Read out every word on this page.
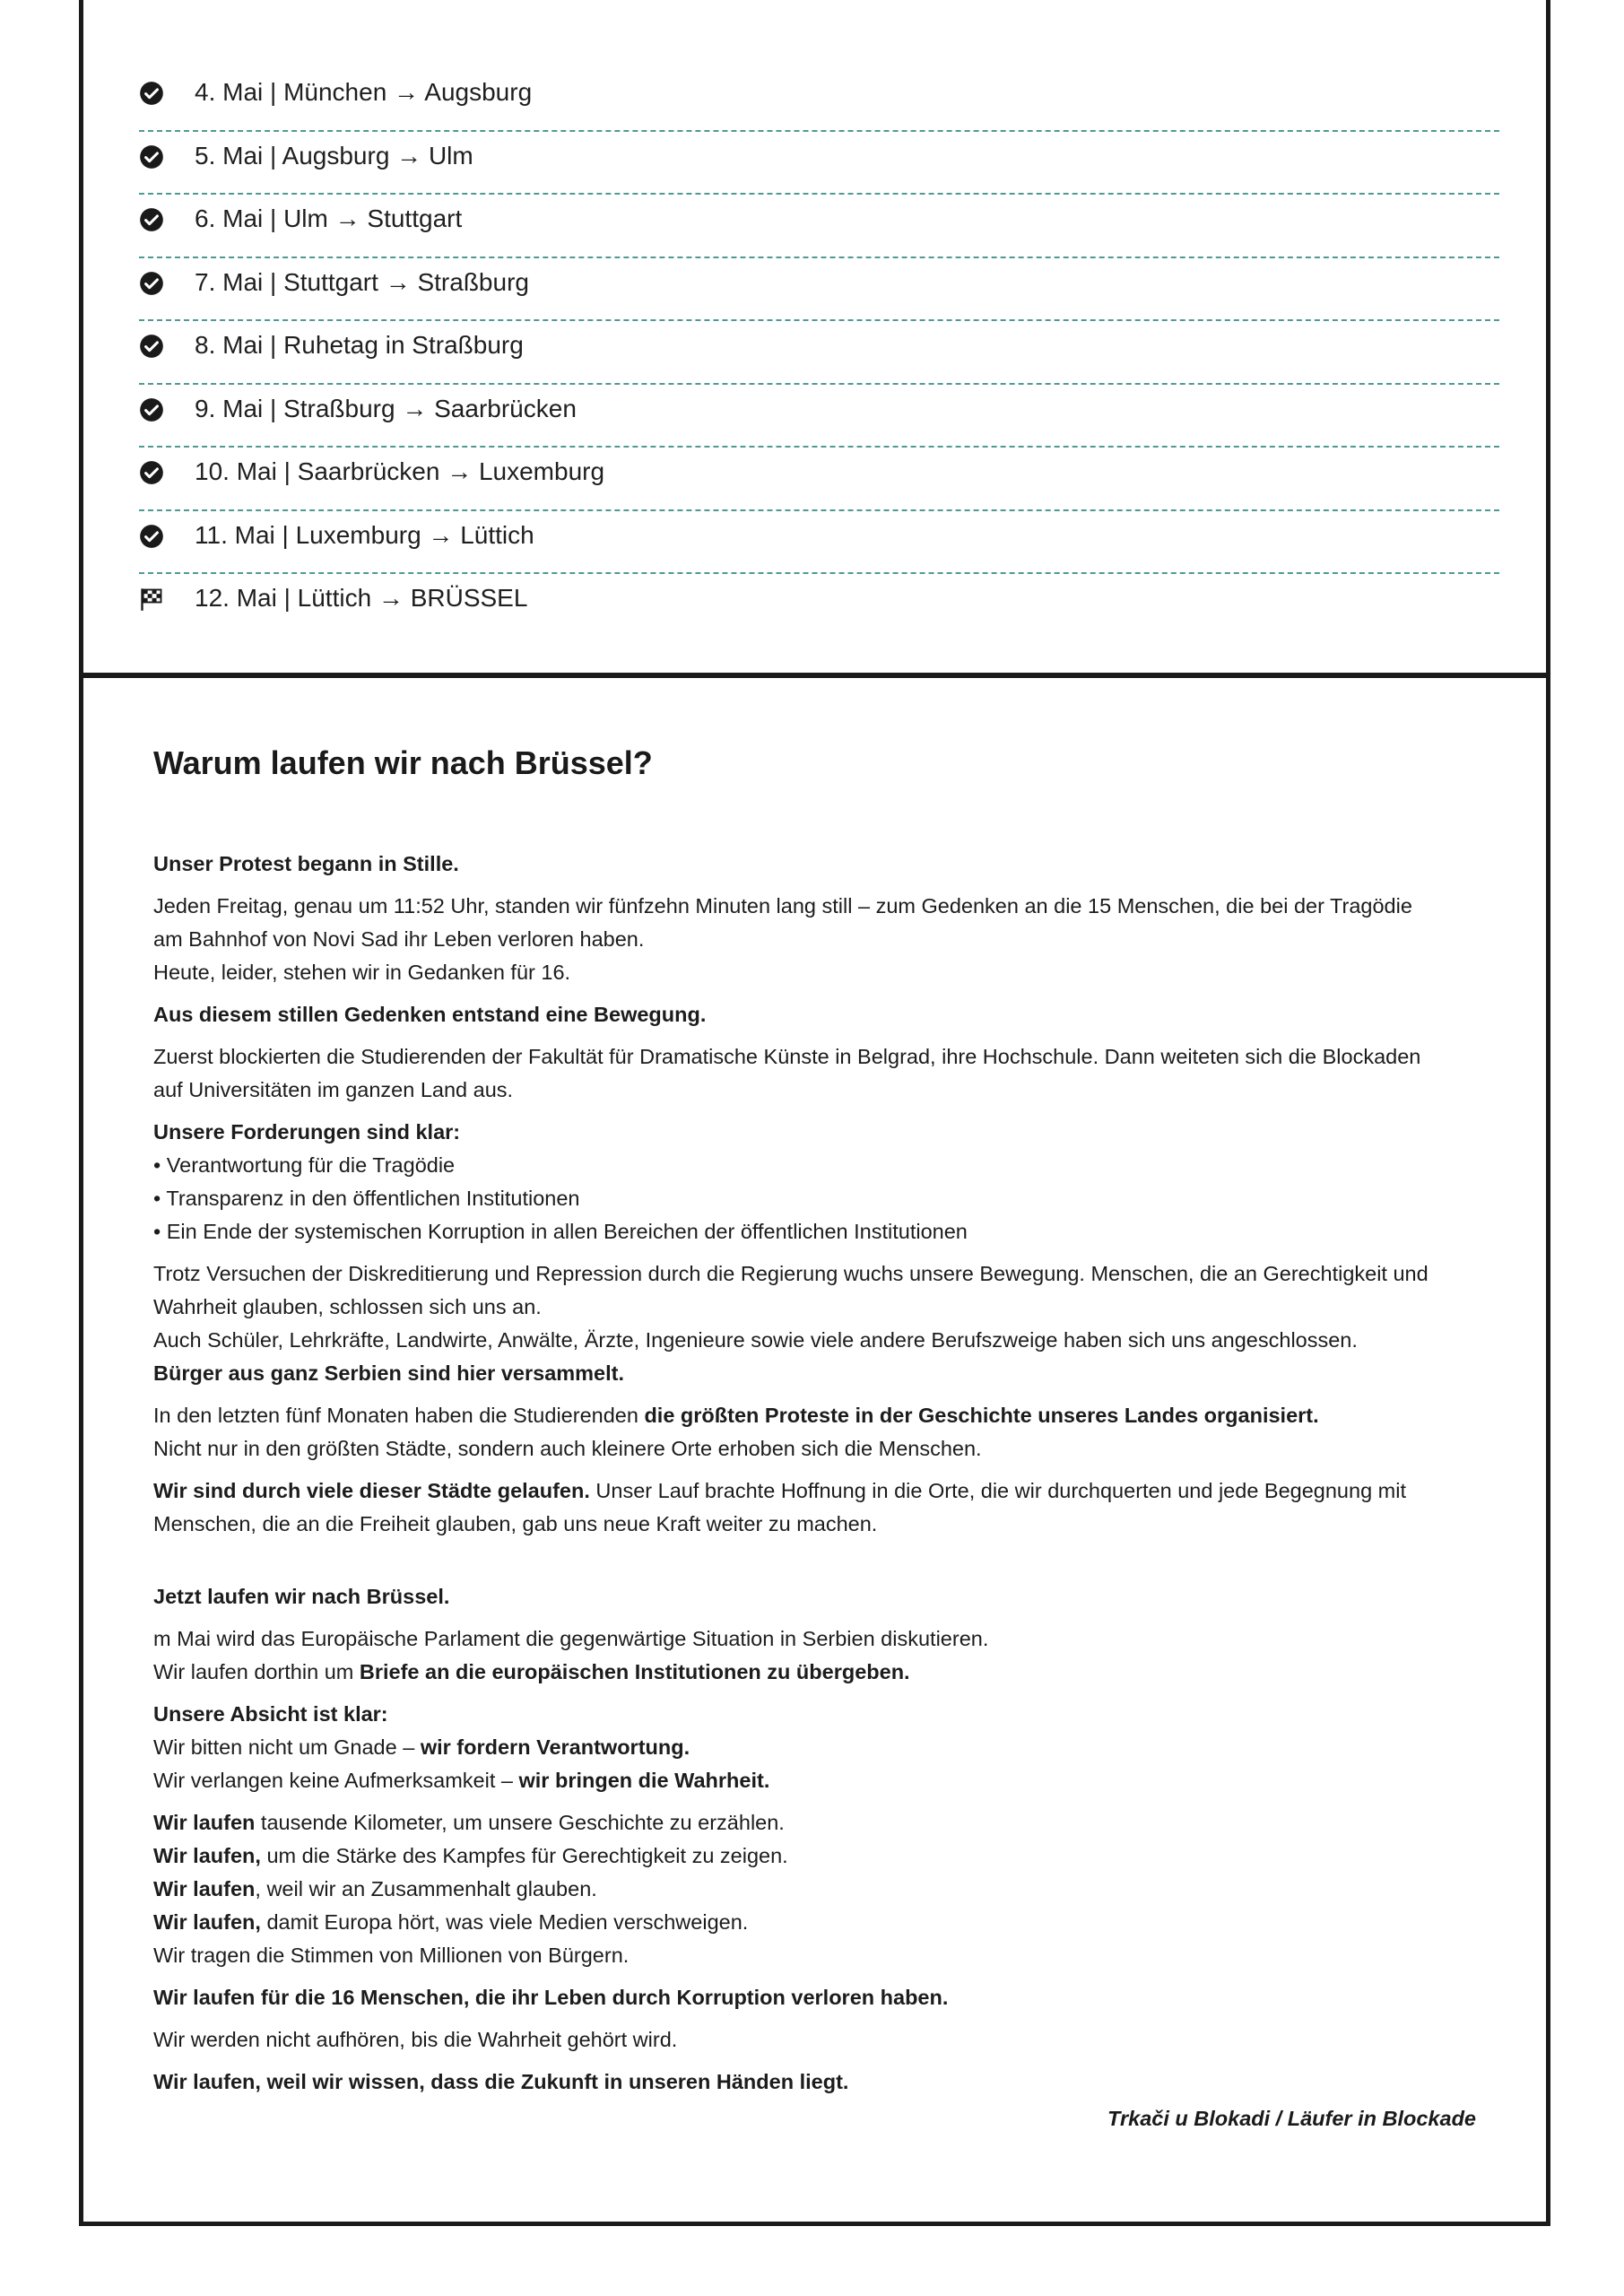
4. Mai | München → Augsburg
5. Mai | Augsburg → Ulm
6. Mai | Ulm → Stuttgart
7. Mai | Stuttgart → Straßburg
8. Mai | Ruhetag in Straßburg
9. Mai | Straßburg → Saarbrücken
10. Mai | Saarbrücken → Luxemburg
11. Mai | Luxemburg → Lüttich
12. Mai | Lüttich → BRÜSSEL
Warum laufen wir nach Brüssel?

Unser Protest begann in Stille.

Jeden Freitag, genau um 11:52 Uhr, standen wir fünfzehn Minuten lang still – zum Gedenken an die 15 Menschen, die bei der Tragödie
am Bahnhof von Novi Sad ihr Leben verloren haben.
Heute, leider, stehen wir in Gedanken für 16.

Aus diesem stillen Gedenken entstand eine Bewegung.

Zuerst blockierten die Studierenden der Fakultät für Dramatische Künste in Belgrad, ihre Hochschule. Dann weiteten sich die Blockaden
auf Universitäten im ganzen Land aus.

Unsere Forderungen sind klar:
• Verantwortung für die Tragödie
• Transparenz in den öffentlichen Institutionen
• Ein Ende der systemischen Korruption in allen Bereichen der öffentlichen Institutionen

Trotz Versuchen der Diskreditierung und Repression durch die Regierung wuchs unsere Bewegung. Menschen, die an Gerechtigkeit und
Wahrheit glauben, schlossen sich uns an.
Auch Schüler, Lehrkräfte, Landwirte, Anwälte, Ärzte, Ingenieure sowie viele andere Berufszweige haben sich uns angeschlossen.
Bürger aus ganz Serbien sind hier versammelt.

In den letzten fünf Monaten haben die Studierenden die größten Proteste in der Geschichte unseres Landes organisiert.
Nicht nur in den größten Städte, sondern auch kleinere Orte erhoben sich die Menschen.

Wir sind durch viele dieser Städte gelaufen. Unser Lauf brachte Hoffnung in die Orte, die wir durchquerten und jede Begegnung mit
Menschen, die an die Freiheit glauben, gab uns neue Kraft weiter zu machen.

Jetzt laufen wir nach Brüssel.

m Mai wird das Europäische Parlament die gegenwärtige Situation in Serbien diskutieren.
Wir laufen dorthin um Briefe an die europäischen Institutionen zu übergeben.

Unsere Absicht ist klar:
Wir bitten nicht um Gnade – wir fordern Verantwortung.
Wir verlangen keine Aufmerksamkeit – wir bringen die Wahrheit.

Wir laufen tausende Kilometer, um unsere Geschichte zu erzählen.
Wir laufen, um die Stärke des Kampfes für Gerechtigkeit zu zeigen.
Wir laufen, weil wir an Zusammenhalt glauben.
Wir laufen, damit Europa hört, was viele Medien verschweigen.
Wir tragen die Stimmen von Millionen von Bürgern.

Wir laufen für die 16 Menschen, die ihr Leben durch Korruption verloren haben.

Wir werden nicht aufhören, bis die Wahrheit gehört wird.

Wir laufen, weil wir wissen, dass die Zukunft in unseren Händen liegt.

Trkači u Blokadi / Läufer in Blockade
